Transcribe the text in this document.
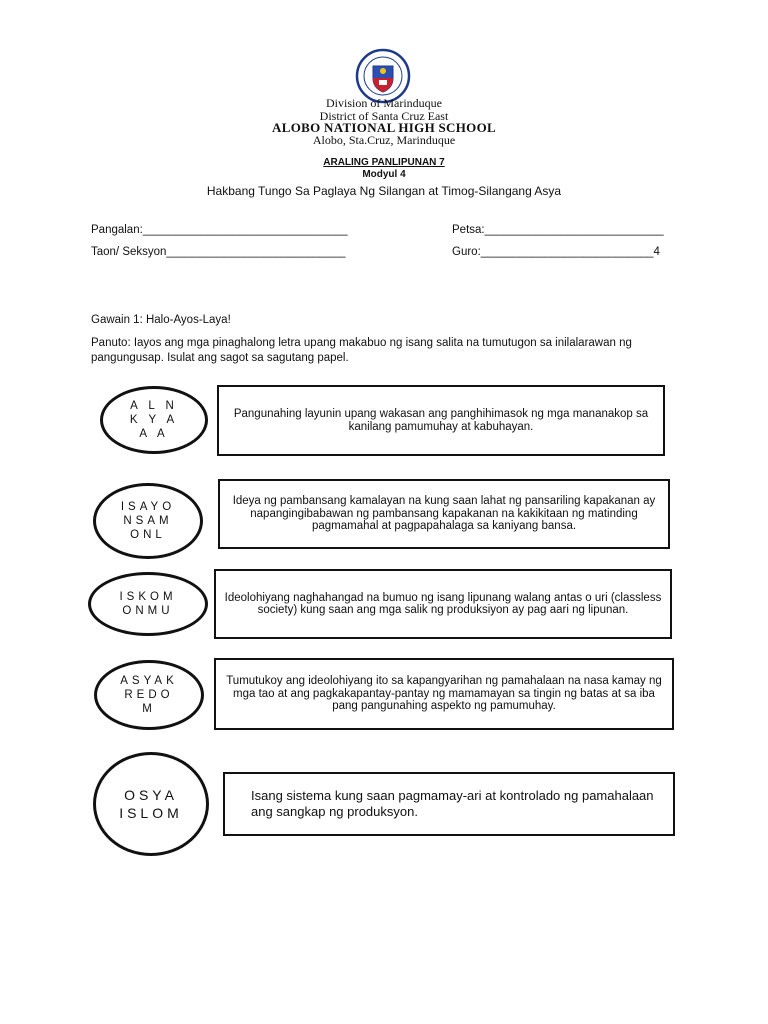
Division of Marinduque
District of Santa Cruz East
ALOBO NATIONAL HIGH SCHOOL
Alobo, Sta.Cruz, Marinduque
ARALING PANLIPUNAN 7
Modyul 4
Hakbang Tungo Sa Paglaya Ng Silangan at Timog-Silangang Asya
Pangalan:________________________________	Petsa:____________________________
Taon/ Seksyon____________________________	Guro:___________________________4
Gawain 1: Halo-Ayos-Laya!
Panuto: Iayos ang mga pinaghalong letra upang makabuo ng isang salita na tumutugon sa inilalarawan ng pangungusap. Isulat ang sagot sa sagutang papel.
A L N
K Y A
A A
Pangunahing layunin upang wakasan ang panghihimasok ng mga mananakop sa kanilang pamumuhay at kabuhayan.
ISAYO
NSAM
ONL
Ideya ng pambansang kamalayan na kung saan lahat ng pansariling kapakanan ay napangingibabawan ng pambansang kapakanan na kakikitaan ng matinding pagmamahal at pagpapahalaga sa kaniyang bansa.
ISKOM
ONMU
Ideolohiyang naghahangad na bumuo ng isang lipunang walang antas o uri (classless society) kung saan ang mga salik ng produksiyon ay pag aari ng lipunan.
ASYAK
REDO
M
Tumutukoy ang ideolohiyang ito sa kapangyarihan ng pamahalaan na nasa kamay ng mga tao at ang pagkakapantay-pantay ng mamamayan sa tingin ng batas at sa iba pang pangunahing aspekto ng pamumuhay.
OSYA
ISLOM
Isang sistema kung saan pagmamay-ari at kontrolado ng pamahalaan ang sangkap ng produksyon.
